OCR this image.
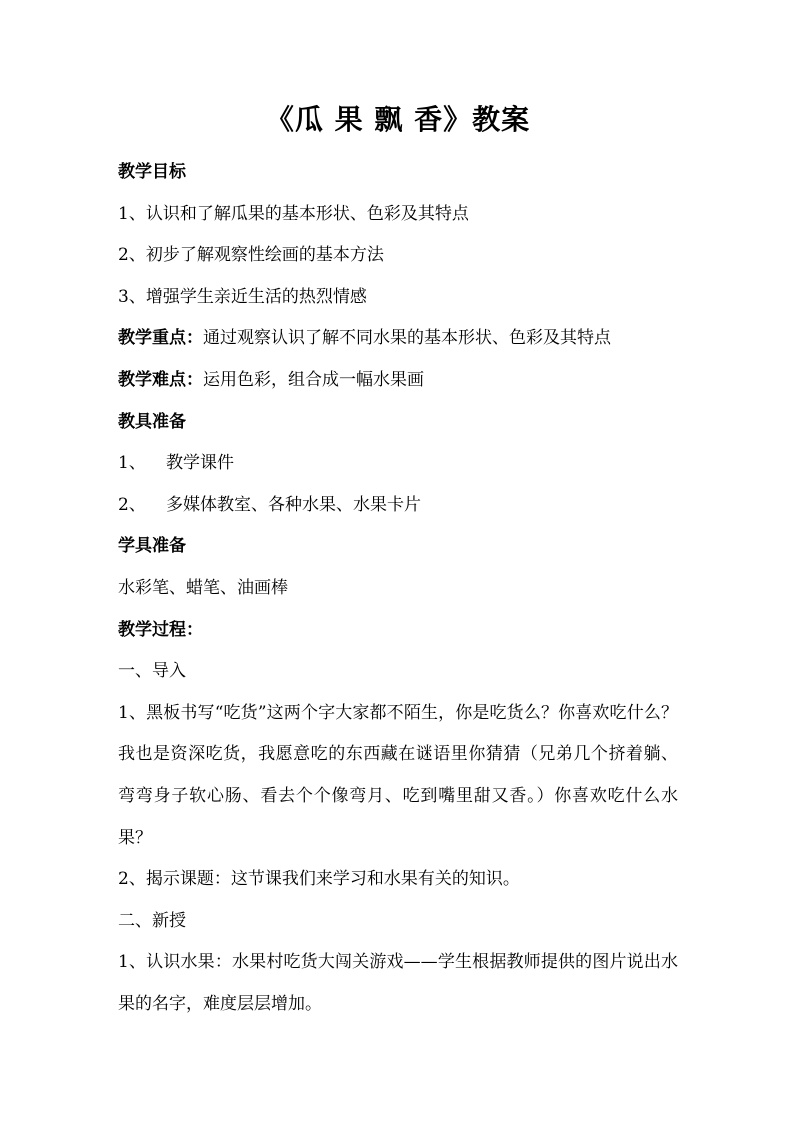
《瓜 果 飘 香》教案
教学目标
1、认识和了解瓜果的基本形状、色彩及其特点
2、初步了解观察性绘画的基本方法
3、增强学生亲近生活的热烈情感
教学重点：通过观察认识了解不同水果的基本形状、色彩及其特点
教学难点：运用色彩，组合成一幅水果画
教具准备
1、 教学课件
2、 多媒体教室、各种水果、水果卡片
学具准备
水彩笔、蜡笔、油画棒
教学过程：
一、导入

1、黑板书写“吃货”这两个字大家都不陌生，你是吃货么？你喜欢吃什么？我也是资深吃货，我愿意吃的东西藏在谜语里你猜猜（兄弟几个挤着躺、弯弯身子软心肠、看去个个像弯月、吃到嘴里甜又香。）你喜欢吃什么水果？

2、揭示课题：这节课我们来学习和水果有关的知识。
二、新授

1、认识水果：水果村吃货大闯关游戏——学生根据教师提供的图片说出水果的名字，难度层层增加。
